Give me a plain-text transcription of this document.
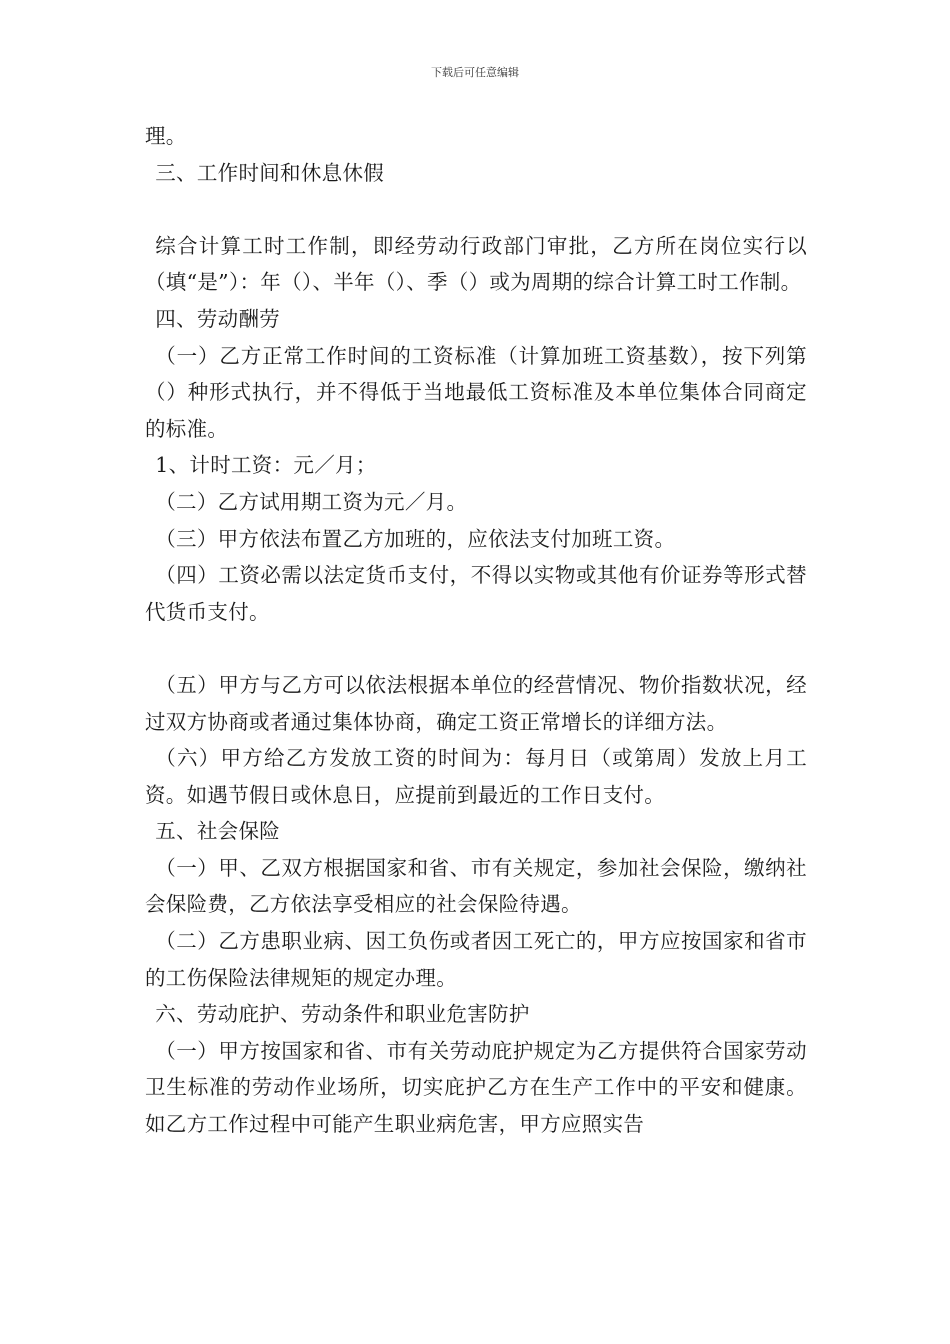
下载后可任意编辑

理。

三、工作时间和休息休假

综合计算工时工作制，即经劳动行政部门审批，乙方所在岗位实行以（填“是”）：年（）、半年（）、季（）或为周期的综合计算工时工作制。

四、劳动酬劳

（一）乙方正常工作时间的工资标准（计算加班工资基数），按下列第（）种形式执行，并不得低于当地最低工资标准及本单位集体合同商定的标准。

1、计时工资：元／月；

（二）乙方试用期工资为元／月。

（三）甲方依法布置乙方加班的，应依法支付加班工资。

（四）工资必需以法定货币支付，不得以实物或其他有价证券等形式替代货币支付。

（五）甲方与乙方可以依法根据本单位的经营情况、物价指数状况，经过双方协商或者通过集体协商，确定工资正常增长的详细方法。

（六）甲方给乙方发放工资的时间为：每月日（或第周）发放上月工资。如遇节假日或休息日，应提前到最近的工作日支付。

五、社会保险

（一）甲、乙双方根据国家和省、市有关规定，参加社会保险，缴纳社会保险费，乙方依法享受相应的社会保险待遇。

（二）乙方患职业病、因工负伤或者因工死亡的，甲方应按国家和省市的工伤保险法律规矩的规定办理。

六、劳动庇护、劳动条件和职业危害防护

（一）甲方按国家和省、市有关劳动庇护规定为乙方提供符合国家劳动卫生标准的劳动作业场所，切实庇护乙方在生产工作中的平安和健康。如乙方工作过程中可能产生职业病危害，甲方应照实告
